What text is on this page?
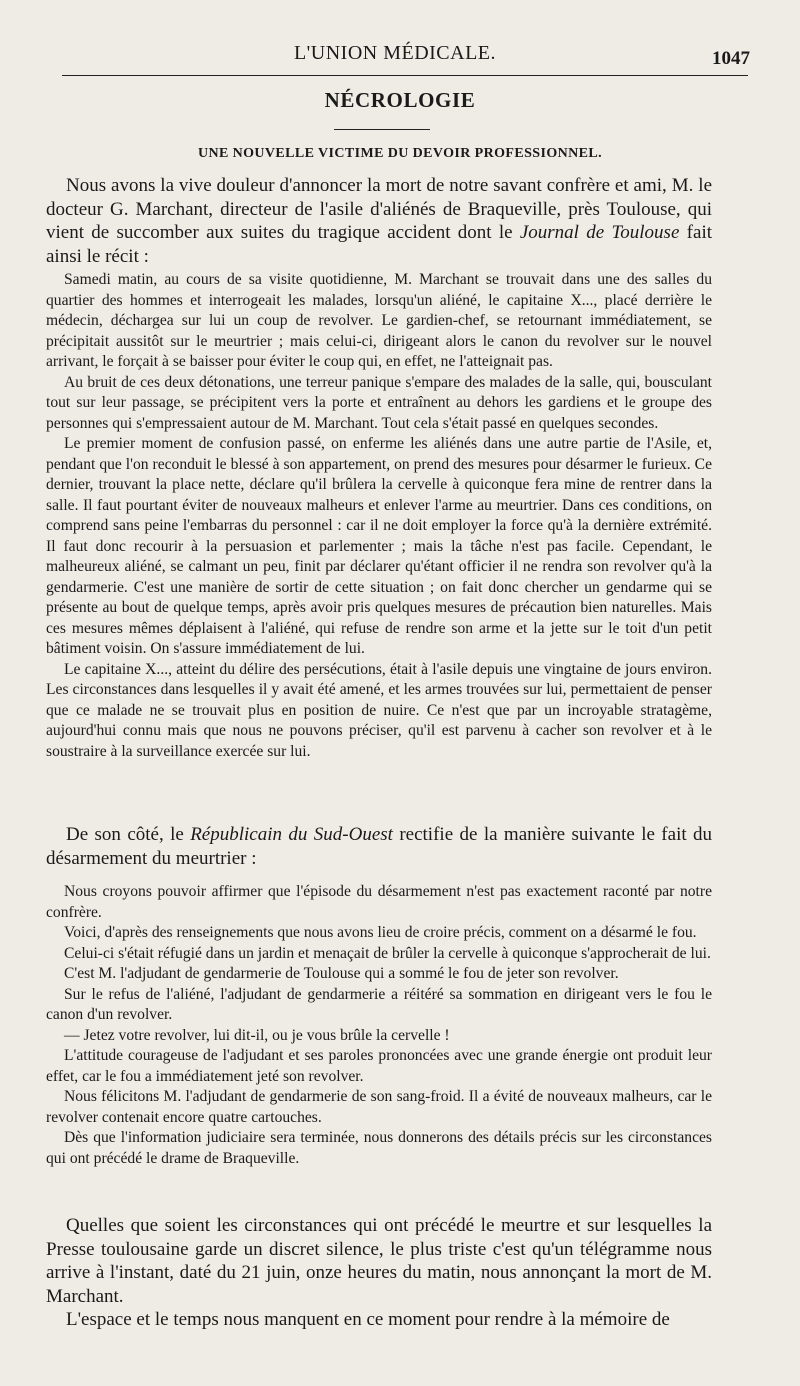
L'UNION MÉDICALE.	1047
NÉCROLOGIE
UNE NOUVELLE VICTIME DU DEVOIR PROFESSIONNEL.

Nous avons la vive douleur d'annoncer la mort de notre savant confrère et ami, M. le docteur G. Marchant, directeur de l'asile d'aliénés de Braqueville, près Toulouse, qui vient de succomber aux suites du tragique accident dont le Journal de Toulouse fait ainsi le récit :

Samedi matin, au cours de sa visite quotidienne, M. Marchant se trouvait dans une des salles du quartier des hommes et interrogeait les malades, lorsqu'un aliéné, le capitaine X..., placé derrière le médecin, déchargea sur lui un coup de revolver. Le gardien-chef, se retournant immédiatement, se précipitait aussitôt sur le meurtrier ; mais celui-ci, dirigeant alors le canon du revolver sur le nouvel arrivant, le forçait à se baisser pour éviter le coup qui, en effet, ne l'atteignait pas.

Au bruit de ces deux détonations, une terreur panique s'empare des malades de la salle, qui, bousculant tout sur leur passage, se précipitent vers la porte et entraînent au dehors les gardiens et le groupe des personnes qui s'empressaient autour de M. Marchant. Tout cela s'était passé en quelques secondes.

Le premier moment de confusion passé, on enferme les aliénés dans une autre partie de l'Asile, et, pendant que l'on reconduit le blessé à son appartement, on prend des mesures pour désarmer le furieux. Ce dernier, trouvant la place nette, déclare qu'il brûlera la cervelle à quiconque fera mine de rentrer dans la salle. Il faut pourtant éviter de nouveaux malheurs et enlever l'arme au meurtrier. Dans ces conditions, on comprend sans peine l'embarras du personnel : car il ne doit employer la force qu'à la dernière extrémité. Il faut donc recourir à la persuasion et parlementer ; mais la tâche n'est pas facile. Cependant, le malheureux aliéné, se calmant un peu, finit par déclarer qu'étant officier il ne rendra son revolver qu'à la gendarmerie. C'est une manière de sortir de cette situation ; on fait donc chercher un gendarme qui se présente au bout de quelque temps, après avoir pris quelques mesures de précaution bien naturelles. Mais ces mesures mêmes déplaisent à l'aliéné, qui refuse de rendre son arme et la jette sur le toit d'un petit bâtiment voisin. On s'assure immédiatement de lui.

Le capitaine X..., atteint du délire des persécutions, était à l'asile depuis une vingtaine de jours environ. Les circonstances dans lesquelles il y avait été amené, et les armes trouvées sur lui, permettaient de penser que ce malade ne se trouvait plus en position de nuire. Ce n'est que par un incroyable stratagème, aujourd'hui connu mais que nous ne pouvons préciser, qu'il est parvenu à cacher son revolver et à le soustraire à la surveillance exercée sur lui.

De son côté, le Républicain du Sud-Ouest rectifie de la manière suivante le fait du désarmement du meurtrier :

Nous croyons pouvoir affirmer que l'épisode du désarmement n'est pas exactement raconté par notre confrère.

Voici, d'après des renseignements que nous avons lieu de croire précis, comment on a désarmé le fou.

Celui-ci s'était réfugié dans un jardin et menaçait de brûler la cervelle à quiconque s'approcherait de lui.

C'est M. l'adjudant de gendarmerie de Toulouse qui a sommé le fou de jeter son revolver.

Sur le refus de l'aliéné, l'adjudant de gendarmerie a réitéré sa sommation en dirigeant vers le fou le canon d'un revolver.

— Jetez votre revolver, lui dit-il, ou je vous brûle la cervelle !

L'attitude courageuse de l'adjudant et ses paroles prononcées avec une grande énergie ont produit leur effet, car le fou a immédiatement jeté son revolver.

Nous félicitons M. l'adjudant de gendarmerie de son sang-froid. Il a évité de nouveaux malheurs, car le revolver contenait encore quatre cartouches.

Dès que l'information judiciaire sera terminée, nous donnerons des détails précis sur les circonstances qui ont précédé le drame de Braqueville.

Quelles que soient les circonstances qui ont précédé le meurtre et sur lesquelles la Presse toulousaine garde un discret silence, le plus triste c'est qu'un télégramme nous arrive à l'instant, daté du 21 juin, onze heures du matin, nous annonçant la mort de M. Marchant.

L'espace et le temps nous manquent en ce moment pour rendre à la mémoire de
